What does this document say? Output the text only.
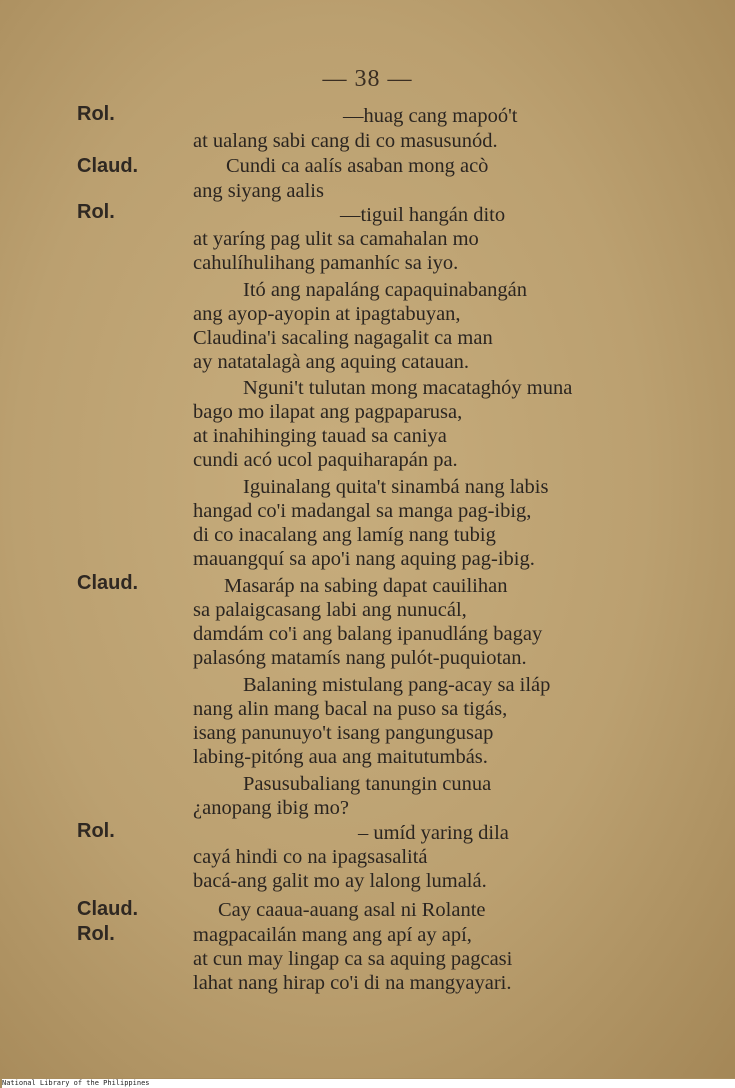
— 38 —
Rol.
Claud.
Rol.
Claud.
Rol.
Claud.
Rol.
—huag cang mapoó't
at ualang sabi cang di co masusunód.
Cundi ca aalís asaban mong acò
ang siyang aalis
—tiguil hangán dito
at yaríng pag ulit sa camahalan mo
cahulíhulihang pamanhíc sa iyo.
Itó ang napaláng capaquinabangán
ang ayop-ayopin at ipagtabuyan,
Claudina'i sacaling nagagalit ca man
ay natatalagà ang aquing catauan.
Nguni't tulutan mong macataghóy muna
bago mo ilapat ang pagpaparusa,
at inahihinging tauad sa caniya
cundi acó ucol paquiharapán pa.
Iguinalang quita't sinambá nang labis
hangad co'i madangal sa manga pag-ibig,
di co inacalang ang lamíg nang tubig
mauangquí sa apo'i nang aquing pag-ibig.
Masaráp na sabing dapat cauilihan
sa palaigcasang labi ang nunucál,
damdám co'i ang balang ipanudláng bagay
palasóng matamís nang pulót-puquiotan.
Balaning mistulang pang-acay sa iláp
nang alin mang bacal na puso sa tigás,
isang panunuyo't isang pangungusap
labing-pitóng aua ang maitutumbás.
Pasusubaliang tanungin cunua
¿anopang ibig mo?
– umíd yaring dila
cayá hindi co na ipagsasalitá
bacá-ang galit mo ay lalong lumalá.
Cay caaua-auang asal ni Rolante
magpacailán mang ang apí ay apí,
at cun may lingap ca sa aquing pagcasi
lahat nang hirap co'i di na mangyayari.
National Library of the Philippines
